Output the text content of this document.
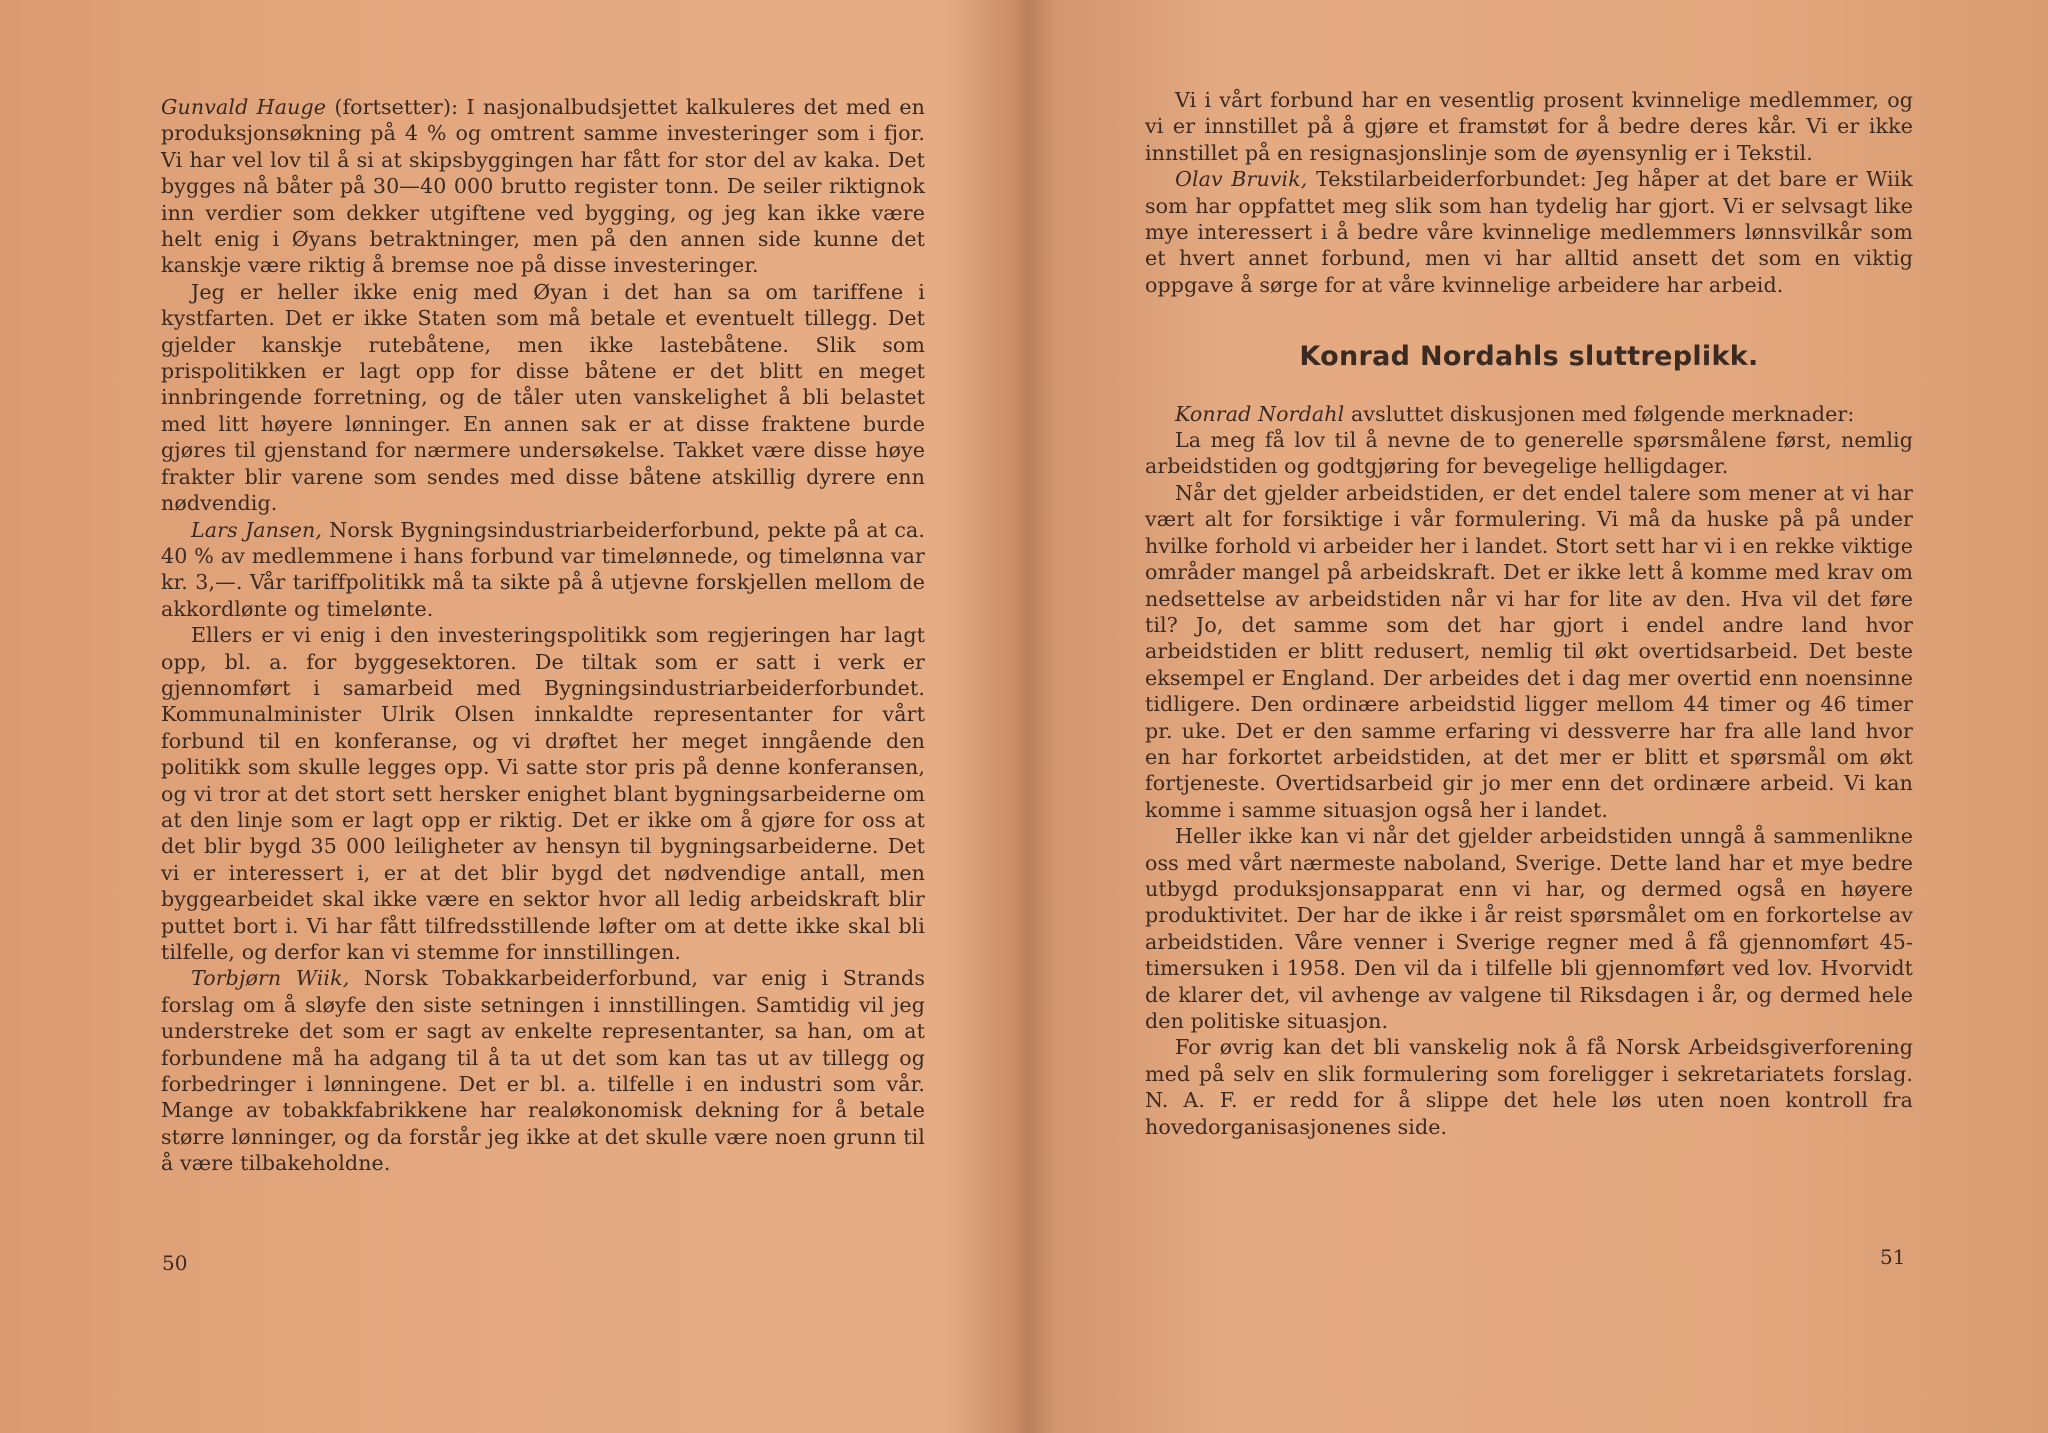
Gunvald Hauge (fortsetter): I nasjonalbudsjettet kalkuleres det med en produksjonsøkning på 4 % og omtrent samme investeringer som i fjor. Vi har vel lov til å si at skipsbyggingen har fått for stor del av kaka. Det bygges nå båter på 30—40 000 brutto register tonn. De seiler riktignok inn verdier som dekker utgiftene ved bygging, og jeg kan ikke være helt enig i Øyans betraktninger, men på den annen side kunne det kanskje være riktig å bremse noe på disse investeringer.

Jeg er heller ikke enig med Øyan i det han sa om tariffene i kystfarten. Det er ikke Staten som må betale et eventuelt tillegg. Det gjelder kanskje rutebåtene, men ikke lastebåtene. Slik som prispolitikken er lagt opp for disse båtene er det blitt en meget innbringende forretning, og de tåler uten vanskelighet å bli belastet med litt høyere lønninger. En annen sak er at disse fraktene burde gjøres til gjenstand for nærmere undersøkelse. Takket være disse høye frakter blir varene som sendes med disse båtene atskillig dyrere enn nødvendig.

Lars Jansen, Norsk Bygningsindustriarbeiderforbund, pekte på at ca. 40 % av medlemmene i hans forbund var timelønnede, og timelønna var kr. 3,—. Vår tariffpolitikk må ta sikte på å utjevne forskjellen mellom de akkordlønte og timelønte.

Ellers er vi enig i den investeringspolitikk som regjeringen har lagt opp, bl. a. for byggesektoren. De tiltak som er satt i verk er gjennomført i samarbeid med Bygningsindustriarbeiderforbundet. Kommunalminister Ulrik Olsen innkaldte representanter for vårt forbund til en konferanse, og vi drøftet her meget inngående den politikk som skulle legges opp. Vi satte stor pris på denne konferansen, og vi tror at det stort sett hersker enighet blant bygningsarbeiderne om at den linje som er lagt opp er riktig. Det er ikke om å gjøre for oss at det blir bygd 35 000 leiligheter av hensyn til bygningsarbeiderne. Det vi er interessert i, er at det blir bygd det nødvendige antall, men byggearbeidet skal ikke være en sektor hvor all ledig arbeidskraft blir puttet bort i. Vi har fått tilfredsstillende løfter om at dette ikke skal bli tilfelle, og derfor kan vi stemme for innstillingen.

Torbjørn Wiik, Norsk Tobakkarbeiderforbund, var enig i Strands forslag om å sløyfe den siste setningen i innstillingen. Samtidig vil jeg understreke det som er sagt av enkelte representanter, sa han, om at forbundene må ha adgang til å ta ut det som kan tas ut av tillegg og forbedringer i lønningene. Det er bl. a. tilfelle i en industri som vår. Mange av tobakkfabrikkene har realøkonomisk dekning for å betale større lønninger, og da forstår jeg ikke at det skulle være noen grunn til å være tilbakeholdne.

50

Vi i vårt forbund har en vesentlig prosent kvinnelige medlemmer, og vi er innstillet på å gjøre et framstøt for å bedre deres kår. Vi er ikke innstillet på en resignasjonslinje som de øyensynlig er i Tekstil.

Olav Bruvik, Tekstilarbeiderforbundet: Jeg håper at det bare er Wiik som har oppfattet meg slik som han tydelig har gjort. Vi er selvsagt like mye interessert i å bedre våre kvinnelige medlemmers lønnsvilkår som et hvert annet forbund, men vi har alltid ansett det som en viktig oppgave å sørge for at våre kvinnelige arbeidere har arbeid.

Konrad Nordahls sluttreplikk.

Konrad Nordahl avsluttet diskusjonen med følgende merknader:

La meg få lov til å nevne de to generelle spørsmålene først, nemlig arbeidstiden og godtgjøring for bevegelige helligdager.

Når det gjelder arbeidstiden, er det endel talere som mener at vi har vært alt for forsiktige i vår formulering. Vi må da huske på på under hvilke forhold vi arbeider her i landet. Stort sett har vi i en rekke viktige områder mangel på arbeidskraft. Det er ikke lett å komme med krav om nedsettelse av arbeidstiden når vi har for lite av den. Hva vil det føre til? Jo, det samme som det har gjort i endel andre land hvor arbeidstiden er blitt redusert, nemlig til økt overtidsarbeid. Det beste eksempel er England. Der arbeides det i dag mer overtid enn noensinne tidligere. Den ordinære arbeidstid ligger mellom 44 timer og 46 timer pr. uke. Det er den samme erfaring vi dessverre har fra alle land hvor en har forkortet arbeidstiden, at det mer er blitt et spørsmål om økt fortjeneste. Overtidsarbeid gir jo mer enn det ordinære arbeid. Vi kan komme i samme situasjon også her i landet.

Heller ikke kan vi når det gjelder arbeidstiden unngå å sammenlikne oss med vårt nærmeste naboland, Sverige. Dette land har et mye bedre utbygd produksjonsapparat enn vi har, og dermed også en høyere produktivitet. Der har de ikke i år reist spørsmålet om en forkortelse av arbeidstiden. Våre venner i Sverige regner med å få gjennomført 45-timersuken i 1958. Den vil da i tilfelle bli gjennomført ved lov. Hvorvidt de klarer det, vil avhenge av valgene til Riksdagen i år, og dermed hele den politiske situasjon.

For øvrig kan det bli vanskelig nok å få Norsk Arbeidsgiverforening med på selv en slik formulering som foreligger i sekretariatets forslag. N. A. F. er redd for å slippe det hele løs uten noen kontroll fra hovedorganisasjonenes side.

51
